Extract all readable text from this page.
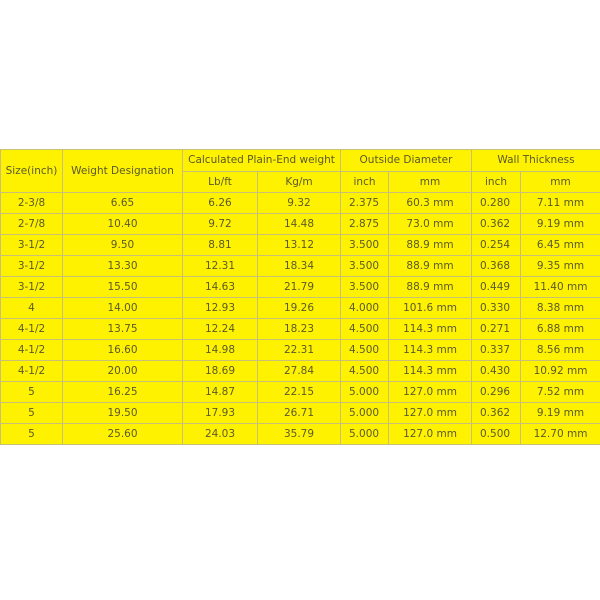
Size(inch)	Weight Designation	Calculated Plain-End weight		Outside Diameter		Wall Thickness	
		Lb/ft	Kg/m	inch	mm	inch	mm
2-3/8	6.65	6.26	9.32	2.375	60.3 mm	0.280	7.11 mm
2-7/8	10.40	9.72	14.48	2.875	73.0 mm	0.362	9.19 mm
3-1/2	9.50	8.81	13.12	3.500	88.9 mm	0.254	6.45 mm
3-1/2	13.30	12.31	18.34	3.500	88.9 mm	0.368	9.35 mm
3-1/2	15.50	14.63	21.79	3.500	88.9 mm	0.449	11.40 mm
4	14.00	12.93	19.26	4.000	101.6 mm	0.330	8.38 mm
4-1/2	13.75	12.24	18.23	4.500	114.3 mm	0.271	6.88 mm
4-1/2	16.60	14.98	22.31	4.500	114.3 mm	0.337	8.56 mm
4-1/2	20.00	18.69	27.84	4.500	114.3 mm	0.430	10.92 mm
5	16.25	14.87	22.15	5.000	127.0 mm	0.296	7.52 mm
5	19.50	17.93	26.71	5.000	127.0 mm	0.362	9.19 mm
5	25.60	24.03	35.79	5.000	127.0 mm	0.500	12.70 mm
